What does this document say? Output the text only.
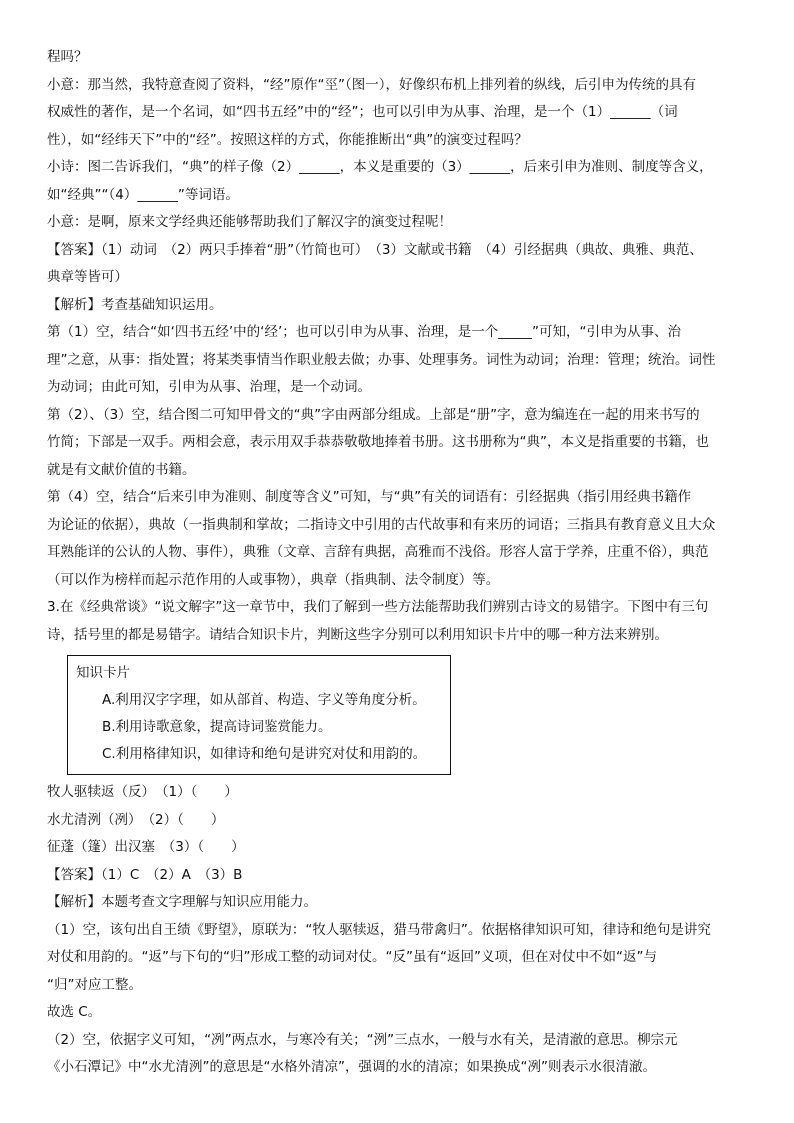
程吗？

小意：那当然，我特意查阅了资料，“经”原作“巠”（图一），好像织布机上排列着的纵线，后引申为传统的具有

权威性的著作，是一个名词，如“四书五经”中的“经”；也可以引申为从事、治理，是一个（1）______（词

性），如“经纬天下”中的“经”。按照这样的方式，你能推断出“典”的演变过程吗？

小诗：图二告诉我们，“典”的样子像（2）______，本义是重要的（3）______，后来引申为准则、制度等含义，

如“经典”“（4）______”等词语。

小意：是啊，原来文学经典还能够帮助我们了解汉字的演变过程呢！

【答案】（1）动词　（2）两只手捧着“册”（竹简也可）　（3）文献或书籍　（4）引经据典（典故、典雅、典范、

典章等皆可）

【解析】考查基础知识运用。

第（1）空，结合“如‘四书五经’中的‘经’；也可以引申为从事、治理，是一个_____”可知，“引申为从事、治

理”之意，从事：指处置；将某类事情当作职业般去做；办事、处理事务。词性为动词；治理：管理；统治。词性

为动词；由此可知，引申为从事、治理，是一个动词。

第（2）、（3）空，结合图二可知甲骨文的“典”字由两部分组成。上部是“册”字，意为编连在一起的用来书写的

竹简；下部是一双手。两相会意，表示用双手恭恭敬敬地捧着书册。这书册称为“典”，本义是指重要的书籍，也

就是有文献价值的书籍。

第（4）空，结合“后来引申为准则、制度等含义”可知，与“典”有关的词语有：引经据典（指引用经典书籍作

为论证的依据），典故（一指典制和掌故；二指诗文中引用的古代故事和有来历的词语；三指具有教育意义且大众

耳熟能详的公认的人物、事件），典雅（文章、言辞有典据，高雅而不浅俗。形容人富于学养，庄重不俗），典范

（可以作为榜样而起示范作用的人或事物），典章（指典制、法令制度）等。

3.在《经典常谈》“说文解字”这一章节中，我们了解到一些方法能帮助我们辨别古诗文的易错字。下图中有三句

诗，括号里的都是易错字。请结合知识卡片，判断这些字分别可以利用知识卡片中的哪一种方法来辨别。

知识卡片
A.利用汉字字理，如从部首、构造、字义等角度分析。
B.利用诗歌意象，提高诗词鉴赏能力。
C.利用格律知识，如律诗和绝句是讲究对仗和用韵的。

牧人驱犊返（反）　（1）（　　）

水尤清洌（冽）　（2）（　　）

征蓬（篷）出汉塞　（3）（　　）

【答案】（1）C　（2）A　（3）B

【解析】本题考查文字理解与知识应用能力。

（1）空，该句出自王绩《野望》，原联为：“牧人驱犊返，猎马带禽归”。依据格律知识可知，律诗和绝句是讲究

对仗和用韵的。“返”与下句的“归”形成工整的动词对仗。“反”虽有“返回”义项，但在对仗中不如“返”与

“归”对应工整。

故选 C。

（2）空，依据字义可知，“冽”两点水，与寒冷有关；“洌”三点水，一般与水有关，是清澈的意思。柳宗元

《小石潭记》中“水尤清洌”的意思是“水格外清凉”，强调的水的清凉；如果换成“冽”则表示水很清澈。
